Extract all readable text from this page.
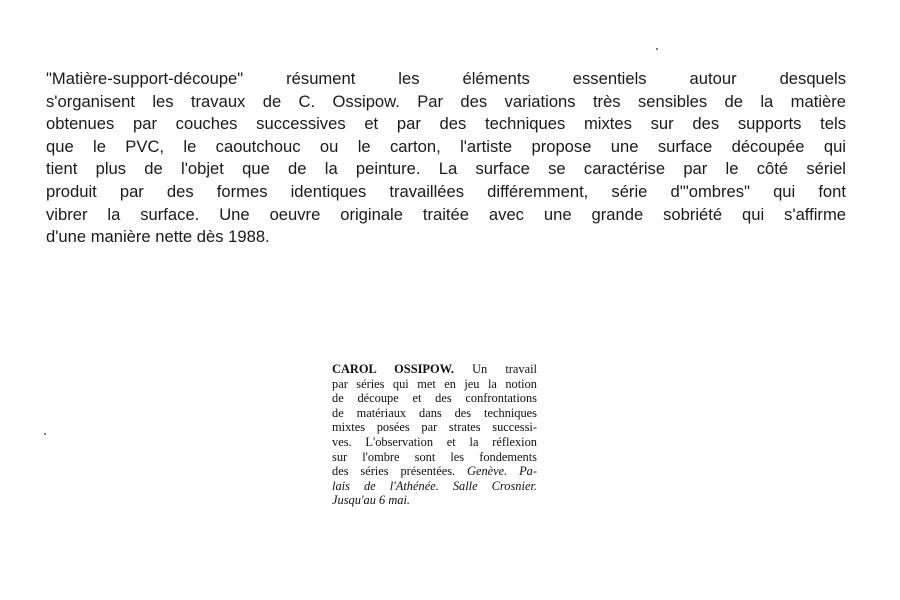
"Matière-support-découpe" résument les éléments essentiels autour desquels
s'organisent les travaux de C. Ossipow. Par des variations très sensibles de la matière
obtenues par couches successives et par des techniques mixtes sur des supports tels
que le PVC, le caoutchouc ou le carton, l'artiste propose une surface découpée qui
tient plus de l'objet que de la peinture. La surface se caractérise par le côté sériel
produit par des formes identiques travaillées différemment, série d'"ombres" qui font
vibrer la surface. Une oeuvre originale traitée avec une grande sobriété qui s'affirme
d'une manière nette dès 1988.

CAROL OSSIPOW. Un travail
par séries qui met en jeu la notion
de découpe et des confrontations
de matériaux dans des techniques
mixtes posées par strates successi-
ves. L'observation et la réflexion
sur l'ombre sont les fondements
des séries présentées. Genève. Pa-
lais de l'Athénée. Salle Crosnier.
Jusqu'au 6 mai.
